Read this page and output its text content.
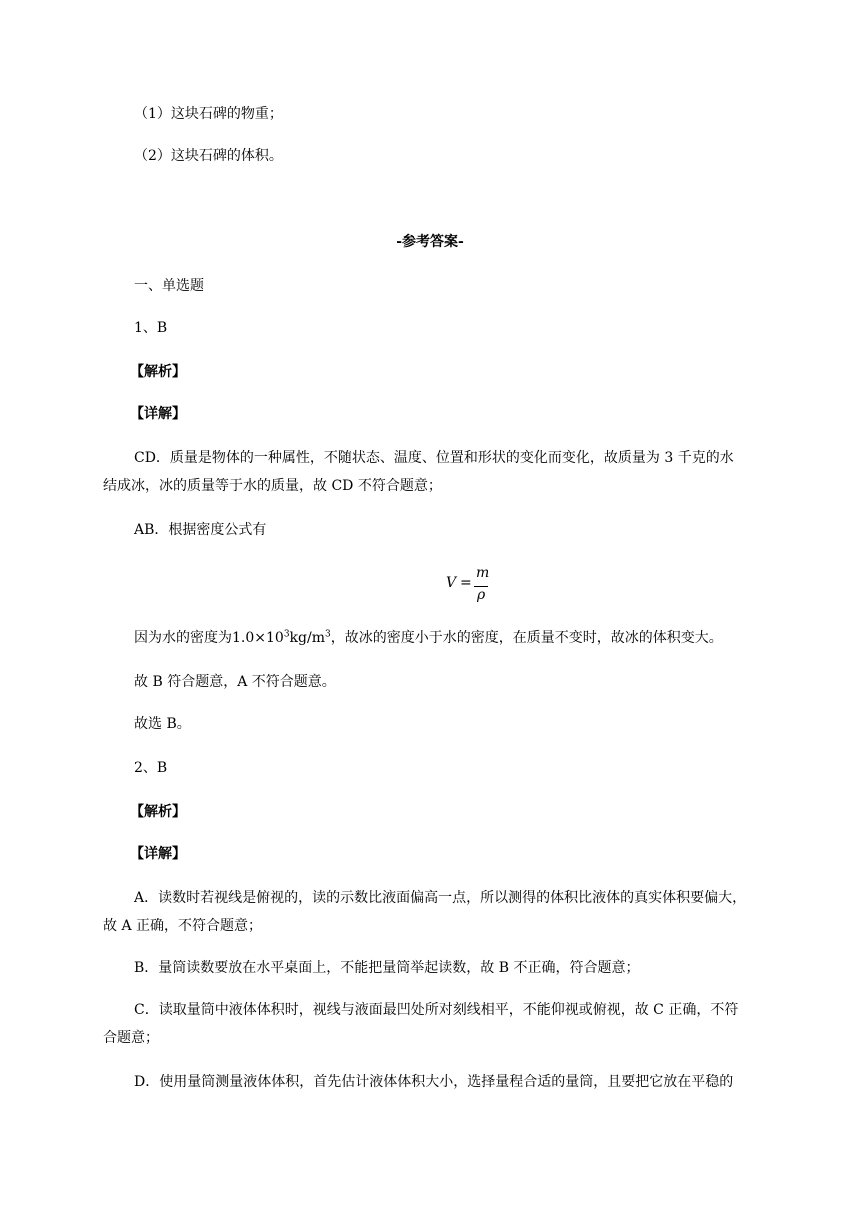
（1）这块石碑的物重；
（2）这块石碑的体积。
-参考答案-
一、单选题
1、B
【解析】
【详解】
CD．质量是物体的一种属性，不随状态、温度、位置和形状的变化而变化，故质量为 3 千克的水
结成冰，冰的质量等于水的质量，故 CD 不符合题意；
AB．根据密度公式有
V =
m
ρ
因为水的密度为$1.0\times 10^3kg/m^3$，故冰的密度小于水的密度，在质量不变时，故冰的体积变大。
故 B 符合题意，A 不符合题意。
故选 B。
2、B
【解析】
【详解】
A．读数时若视线是俯视的，读的示数比液面偏高一点，所以测得的体积比液体的真实体积要偏大，
故 A 正确，不符合题意；
B．量筒读数要放在水平桌面上，不能把量筒举起读数，故 B 不正确，符合题意；
C．读取量筒中液体体积时，视线与液面最凹处所对刻线相平，不能仰视或俯视，故 C 正确，不符
合题意；
D．使用量筒测量液体体积，首先估计液体体积大小，选择量程合适的量筒，且要把它放在平稳的
